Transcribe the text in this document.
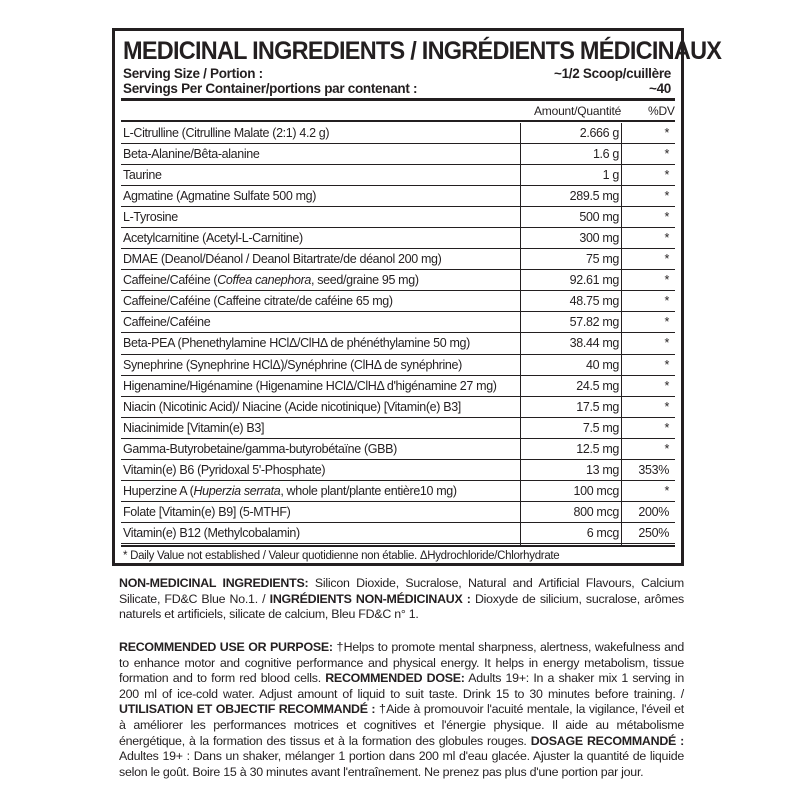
MEDICINAL INGREDIENTS / INGRÉDIENTS MÉDICINAUX
Serving Size / Portion :	~1/2 Scoop/cuillère
Servings Per Container/portions par contenant :	~40
Amount/Quantité %DV
L-Citrulline (Citrulline Malate (2:1) 4.2 g)	2.666 g	*
Beta-Alanine/Bêta-alanine	1.6 g	*
Taurine	1 g	*
Agmatine (Agmatine Sulfate 500 mg)	289.5 mg	*
L-Tyrosine	500 mg	*
Acetylcarnitine (Acetyl-L-Carnitine)	300 mg	*
DMAE (Deanol/Déanol / Deanol Bitartrate/de déanol 200 mg)	75 mg	*
Caffeine/Caféine (Coffea canephora, seed/graine 95 mg)	92.61 mg	*
Caffeine/Caféine (Caffeine citrate/de caféine 65 mg)	48.75 mg	*
Caffeine/Caféine	57.82 mg	*
Beta-PEA (Phenethylamine HClΔ/ClHΔ de phénéthylamine 50 mg)	38.44 mg	*
Synephrine (Synephrine HClΔ)/Synéphrine (ClHΔ de synéphrine)	40 mg	*
Higenamine/Higénamine (Higenamine HClΔ/ClHΔ d'higénamine 27 mg)	24.5 mg	*
Niacin (Nicotinic Acid)/ Niacine (Acide nicotinique) [Vitamin(e) B3]	17.5 mg	*
Niacinimide [Vitamin(e) B3]	7.5 mg	*
Gamma-Butyrobetaine/gamma-butyrobétaïne (GBB)	12.5 mg	*
Vitamin(e) B6 (Pyridoxal 5'-Phosphate)	13 mg 353%
Huperzine A (Huperzia serrata, whole plant/plante entière10 mg)	100 mcg	*
Folate [Vitamin(e) B9] (5-MTHF)	800 mcg 200%
Vitamin(e) B12 (Methylcobalamin)	6 mcg 250%
* Daily Value not established / Valeur quotidienne non établie. ΔHydrochloride/Chlorhydrate
NON-MEDICINAL INGREDIENTS: Silicon Dioxide, Sucralose, Natural and Artificial Flavours, Calcium Silicate, FD&C Blue No.1. / INGRÉDIENTS NON-MÉDICINAUX : Dioxyde de silicium, sucralose, arômes naturels et artificiels, silicate de calcium, Bleu FD&C n° 1.
RECOMMENDED USE OR PURPOSE: †Helps to promote mental sharpness, alertness, wakefulness and to enhance motor and cognitive performance and physical energy. It helps in energy metabolism, tissue formation and to form red blood cells. RECOMMENDED DOSE: Adults 19+: In a shaker mix 1 serving in 200 ml of ice-cold water. Adjust amount of liquid to suit taste. Drink 15 to 30 minutes before training. / UTILISATION ET OBJECTIF RECOMMANDÉ : †Aide à promouvoir l'acuité mentale, la vigilance, l'éveil et à améliorer les performances motrices et cognitives et l'énergie physique. Il aide au métabolisme énergétique, à la formation des tissus et à la formation des globules rouges. DOSAGE RECOMMANDÉ : Adultes 19+ : Dans un shaker, mélanger 1 portion dans 200 ml d'eau glacée. Ajuster la quantité de liquide selon le goût. Boire 15 à 30 minutes avant l'entraînement. Ne prenez pas plus d'une portion par jour.
